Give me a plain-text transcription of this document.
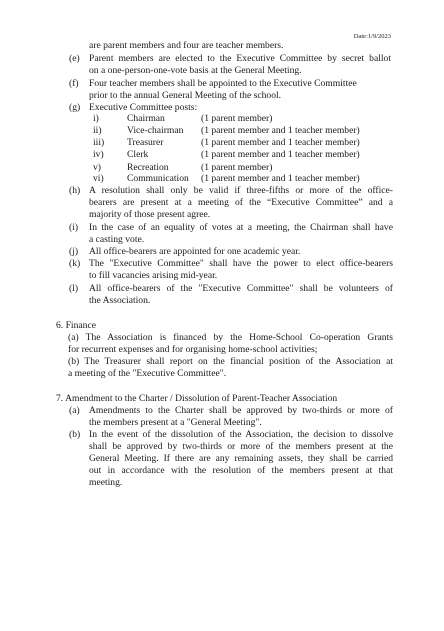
Date:1/9/2023
are parent members and four are teacher members.
(e) Parent members are elected to the Executive Committee by secret ballot
on a one-person-one-vote basis at the General Meeting.
(f) Four teacher members shall be appointed to the Executive Committee
prior to the annual General Meeting of the school.
(g) Executive Committee posts:
i)	Chairman	(1 parent member)
ii)	Vice-chairman (1 parent member and 1 teacher member)
iii) Treasurer	(1 parent member and 1 teacher member)
iv) Clerk	(1 parent member and 1 teacher member)
v)	Recreation	(1 parent member)
vi) Communication (1 parent member and 1 teacher member)
(h) A resolution shall only be valid if three-fifths or more of the office-
bearers are present at a meeting of the “Executive Committee” and a
majority of those present agree.
(i) In the case of an equality of votes at a meeting, the Chairman shall have
a casting vote.
(j) All office-bearers are appointed for one academic year.
(k) The "Executive Committee" shall have the power to elect office-bearers
to fill vacancies arising mid-year.
(l) All office-bearers of the "Executive Committee" shall be volunteers of
the Association.
6. Finance
(a) The Association is financed by the Home-School Co-operation Grants
for recurrent expenses and for organising home-school activities;
(b) The Treasurer shall report on the financial position of the Association at
a meeting of the "Executive Committee".
7. Amendment to the Charter / Dissolution of Parent-Teacher Association
(a) Amendments to the Charter shall be approved by two-thirds or more of
the members present at a "General Meeting".
(b) In the event of the dissolution of the Association, the decision to dissolve
shall be approved by two-thirds or more of the members present at the
General Meeting. If there are any remaining assets, they shall be carried
out in accordance with the resolution of the members present at that
meeting.
